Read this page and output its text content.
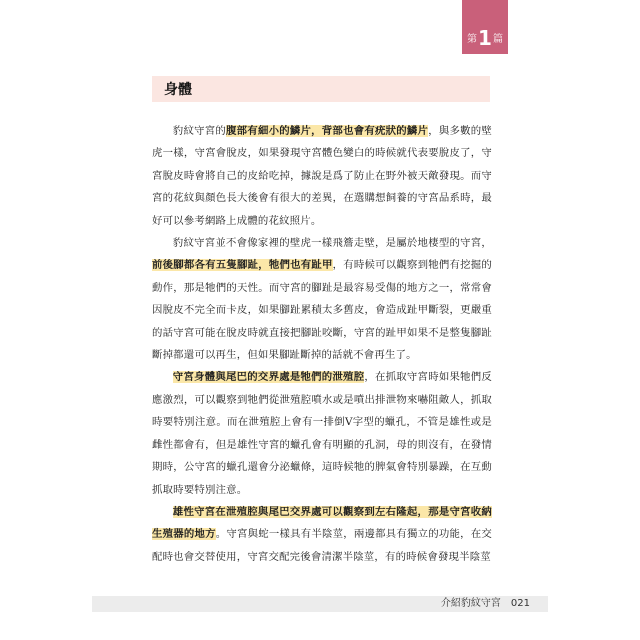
第 1 篇
身體

豹紋守宮的腹部有細小的鱗片，背部也會有疣狀的鱗片，與多數的壁虎一樣，守宮會脫皮，如果發現守宮體色變白的時候就代表要脫皮了，守宮脫皮時會將自己的皮給吃掉，據說是爲了防止在野外被天敵發現。而守宮的花紋與顏色長大後會有很大的差異，在選購想飼養的守宮品系時，最好可以參考網路上成體的花紋照片。

豹紋守宮並不會像家裡的壁虎一樣飛簷走壁，是屬於地棲型的守宮，前後腳都各有五隻腳趾，牠們也有趾甲，有時候可以觀察到牠們有挖掘的動作，那是牠們的天性。而守宮的腳趾是最容易受傷的地方之一，常常會因脫皮不完全而卡皮，如果腳趾累積太多舊皮，會造成趾甲斷裂，更嚴重的話守宮可能在脫皮時就直接把腳趾咬斷，守宮的趾甲如果不是整隻腳趾斷掉都還可以再生，但如果腳趾斷掉的話就不會再生了。

守宮身體與尾巴的交界處是牠們的泄殖腔，在抓取守宮時如果牠們反應激烈，可以觀察到牠們從泄殖腔噴水或是噴出排泄物來嚇阻敵人，抓取時要特別注意。而在泄殖腔上會有一排倒V字型的蠟孔，不管是雄性或是雌性都會有，但是雄性守宮的蠟孔會有明顯的孔洞，母的則沒有，在發情期時，公守宮的蠟孔還會分泌蠟條，這時候牠的脾氣會特別暴躁，在互動抓取時要特別注意。

雄性守宮在泄殖腔與尾巴交界處可以觀察到左右隆起，那是守宮收納生殖器的地方。守宮與蛇一樣具有半陰莖，兩邊都具有獨立的功能，在交配時也會交替使用，守宮交配完後會清潔半陰莖，有的時候會發現半陰莖

介紹豹紋守宮 021
